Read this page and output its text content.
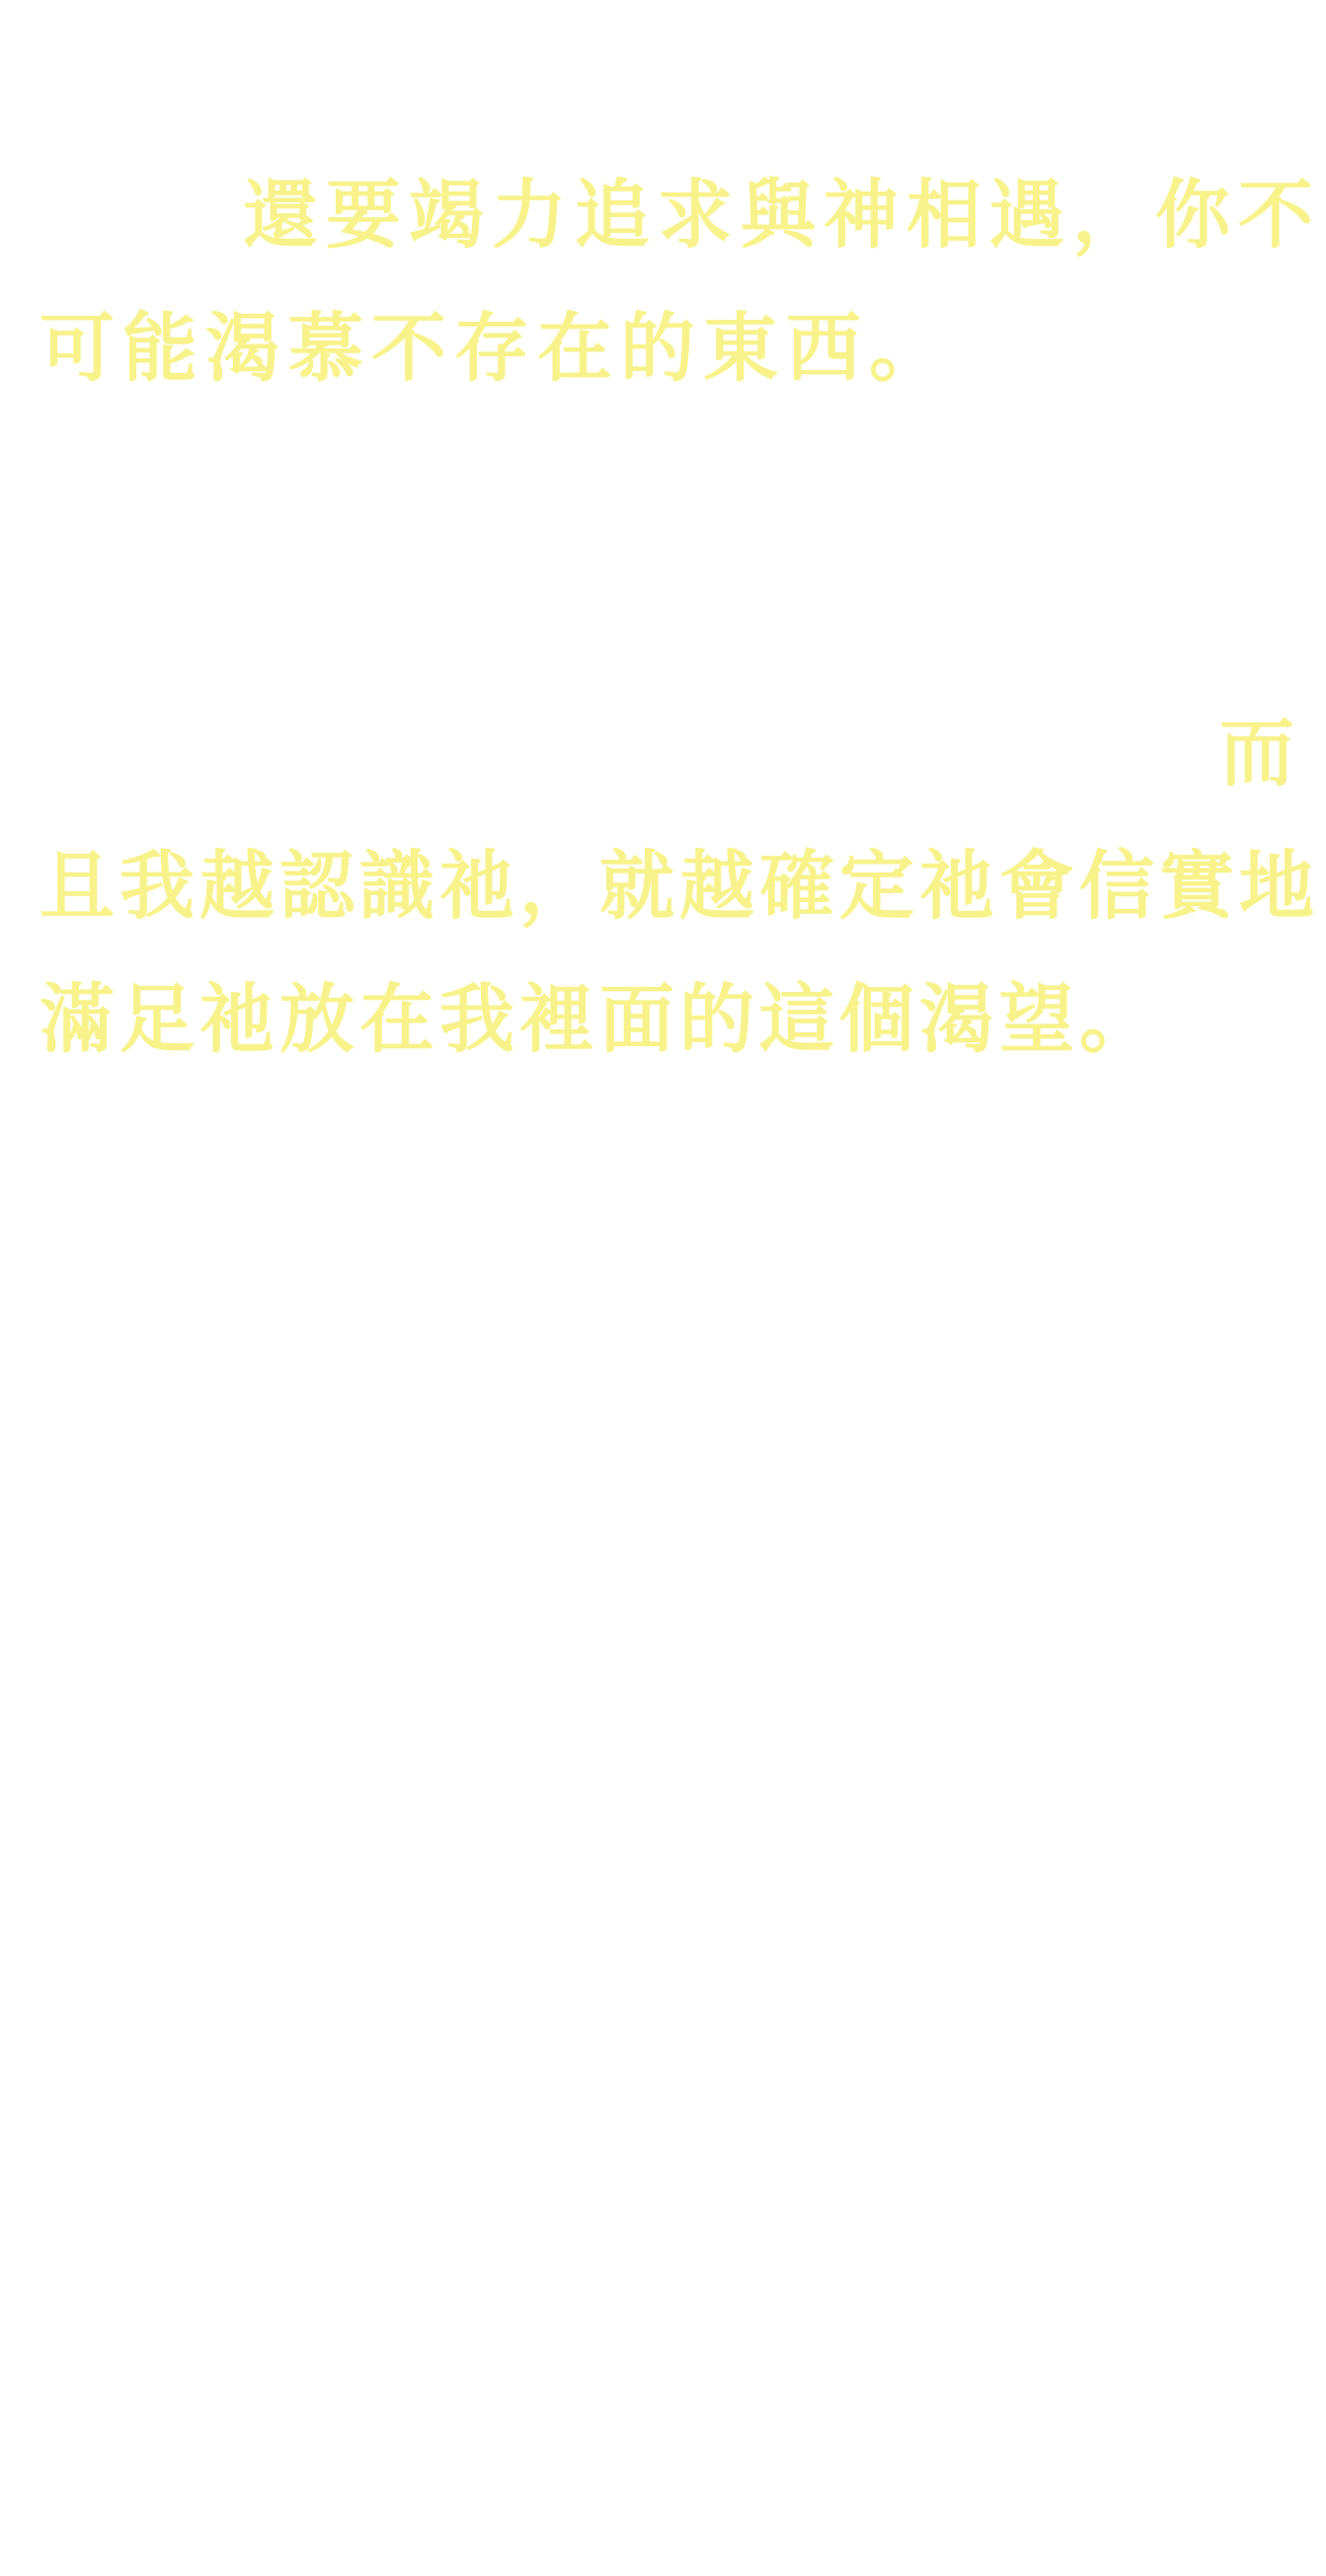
還要竭力追求與神相遇，你不

可能渴慕不存在的東西。

而

且我越認識祂，就越確定祂會信實地

滿足祂放在我裡面的這個渴望。
